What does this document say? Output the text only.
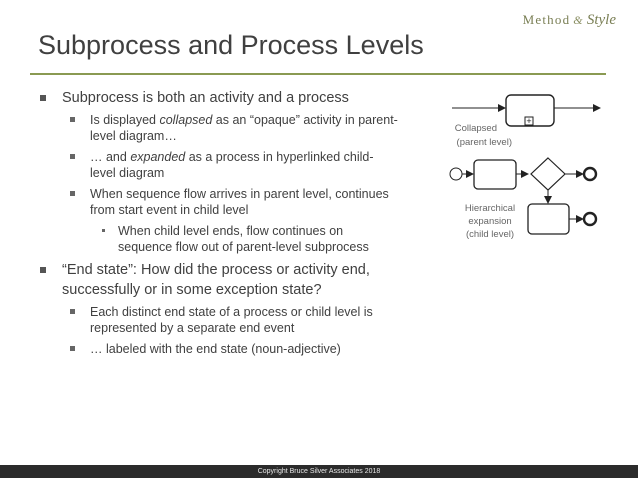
Method & Style
Subprocess and Process Levels
Subprocess is both an activity and a process
Is displayed collapsed as an “opaque” activity in parent-level diagram…
… and expanded as a process in hyperlinked child-level diagram
When sequence flow arrives in parent level, continues from start event in child level
When child level ends, flow continues on sequence flow out of parent-level subprocess
“End state”: How did the process or activity end, successfully or in some exception state?
Each distinct end state of a process or child level is represented by a separate end event
… labeled with the end state (noun-adjective)
+
Collapsed
(parent level)
Hierarchical
expansion
(child level)
Copyright Bruce Silver Associates 2018
